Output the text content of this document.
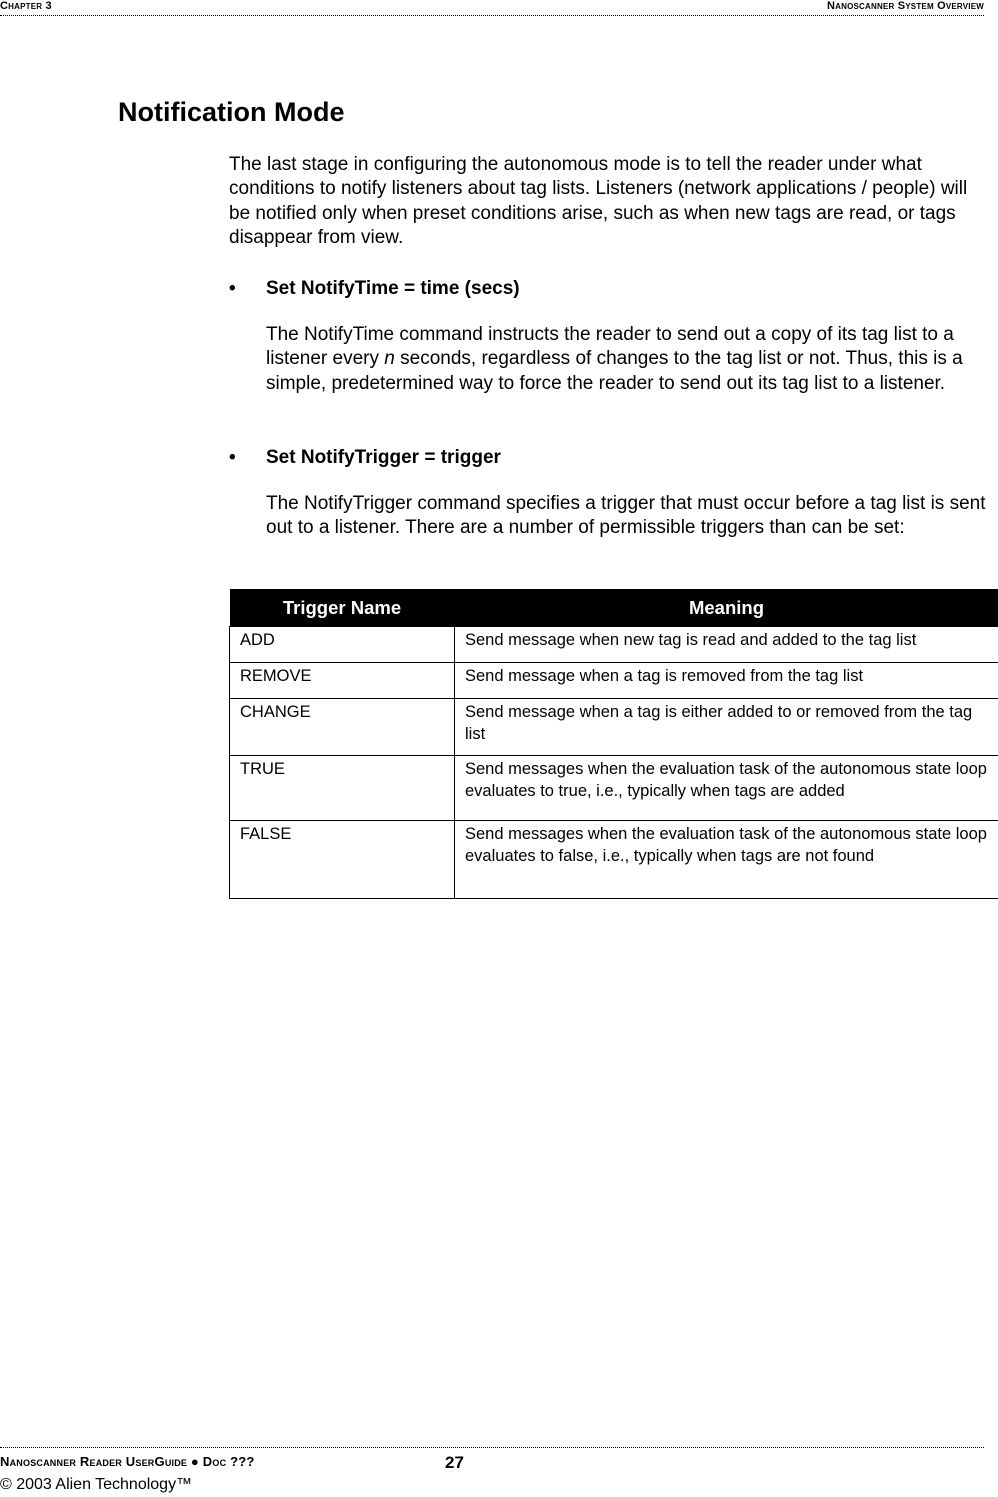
Chapter 3	Nanoscanner System Overview
Notification Mode

The last stage in configuring the autonomous mode is to tell the reader under what conditions to notify listeners about tag lists. Listeners (network applications / people) will be notified only when preset conditions arise, such as when new tags are read, or tags disappear from view.

• Set NotifyTime = time (secs)

The NotifyTime command instructs the reader to send out a copy of its tag list to a listener every n seconds, regardless of changes to the tag list or not. Thus, this is a simple, predetermined way to force the reader to send out its tag list to a listener.

• Set NotifyTrigger = trigger

The NotifyTrigger command specifies a trigger that must occur before a tag list is sent out to a listener. There are a number of permissible triggers than can be set:

Trigger Name	Meaning
ADD	Send message when new tag is read and added to the tag list
REMOVE	Send message when a tag is removed from the tag list
CHANGE	Send message when a tag is either added to or removed from the tag list
TRUE	Send messages when the evaluation task of the autonomous state loop evaluates to true, i.e., typically when tags are added
FALSE	Send messages when the evaluation task of the autonomous state loop evaluates to false, i.e., typically when tags are not found
Nanoscanner Reader UserGuide ● Doc ???	27
© 2003 Alien Technology™
